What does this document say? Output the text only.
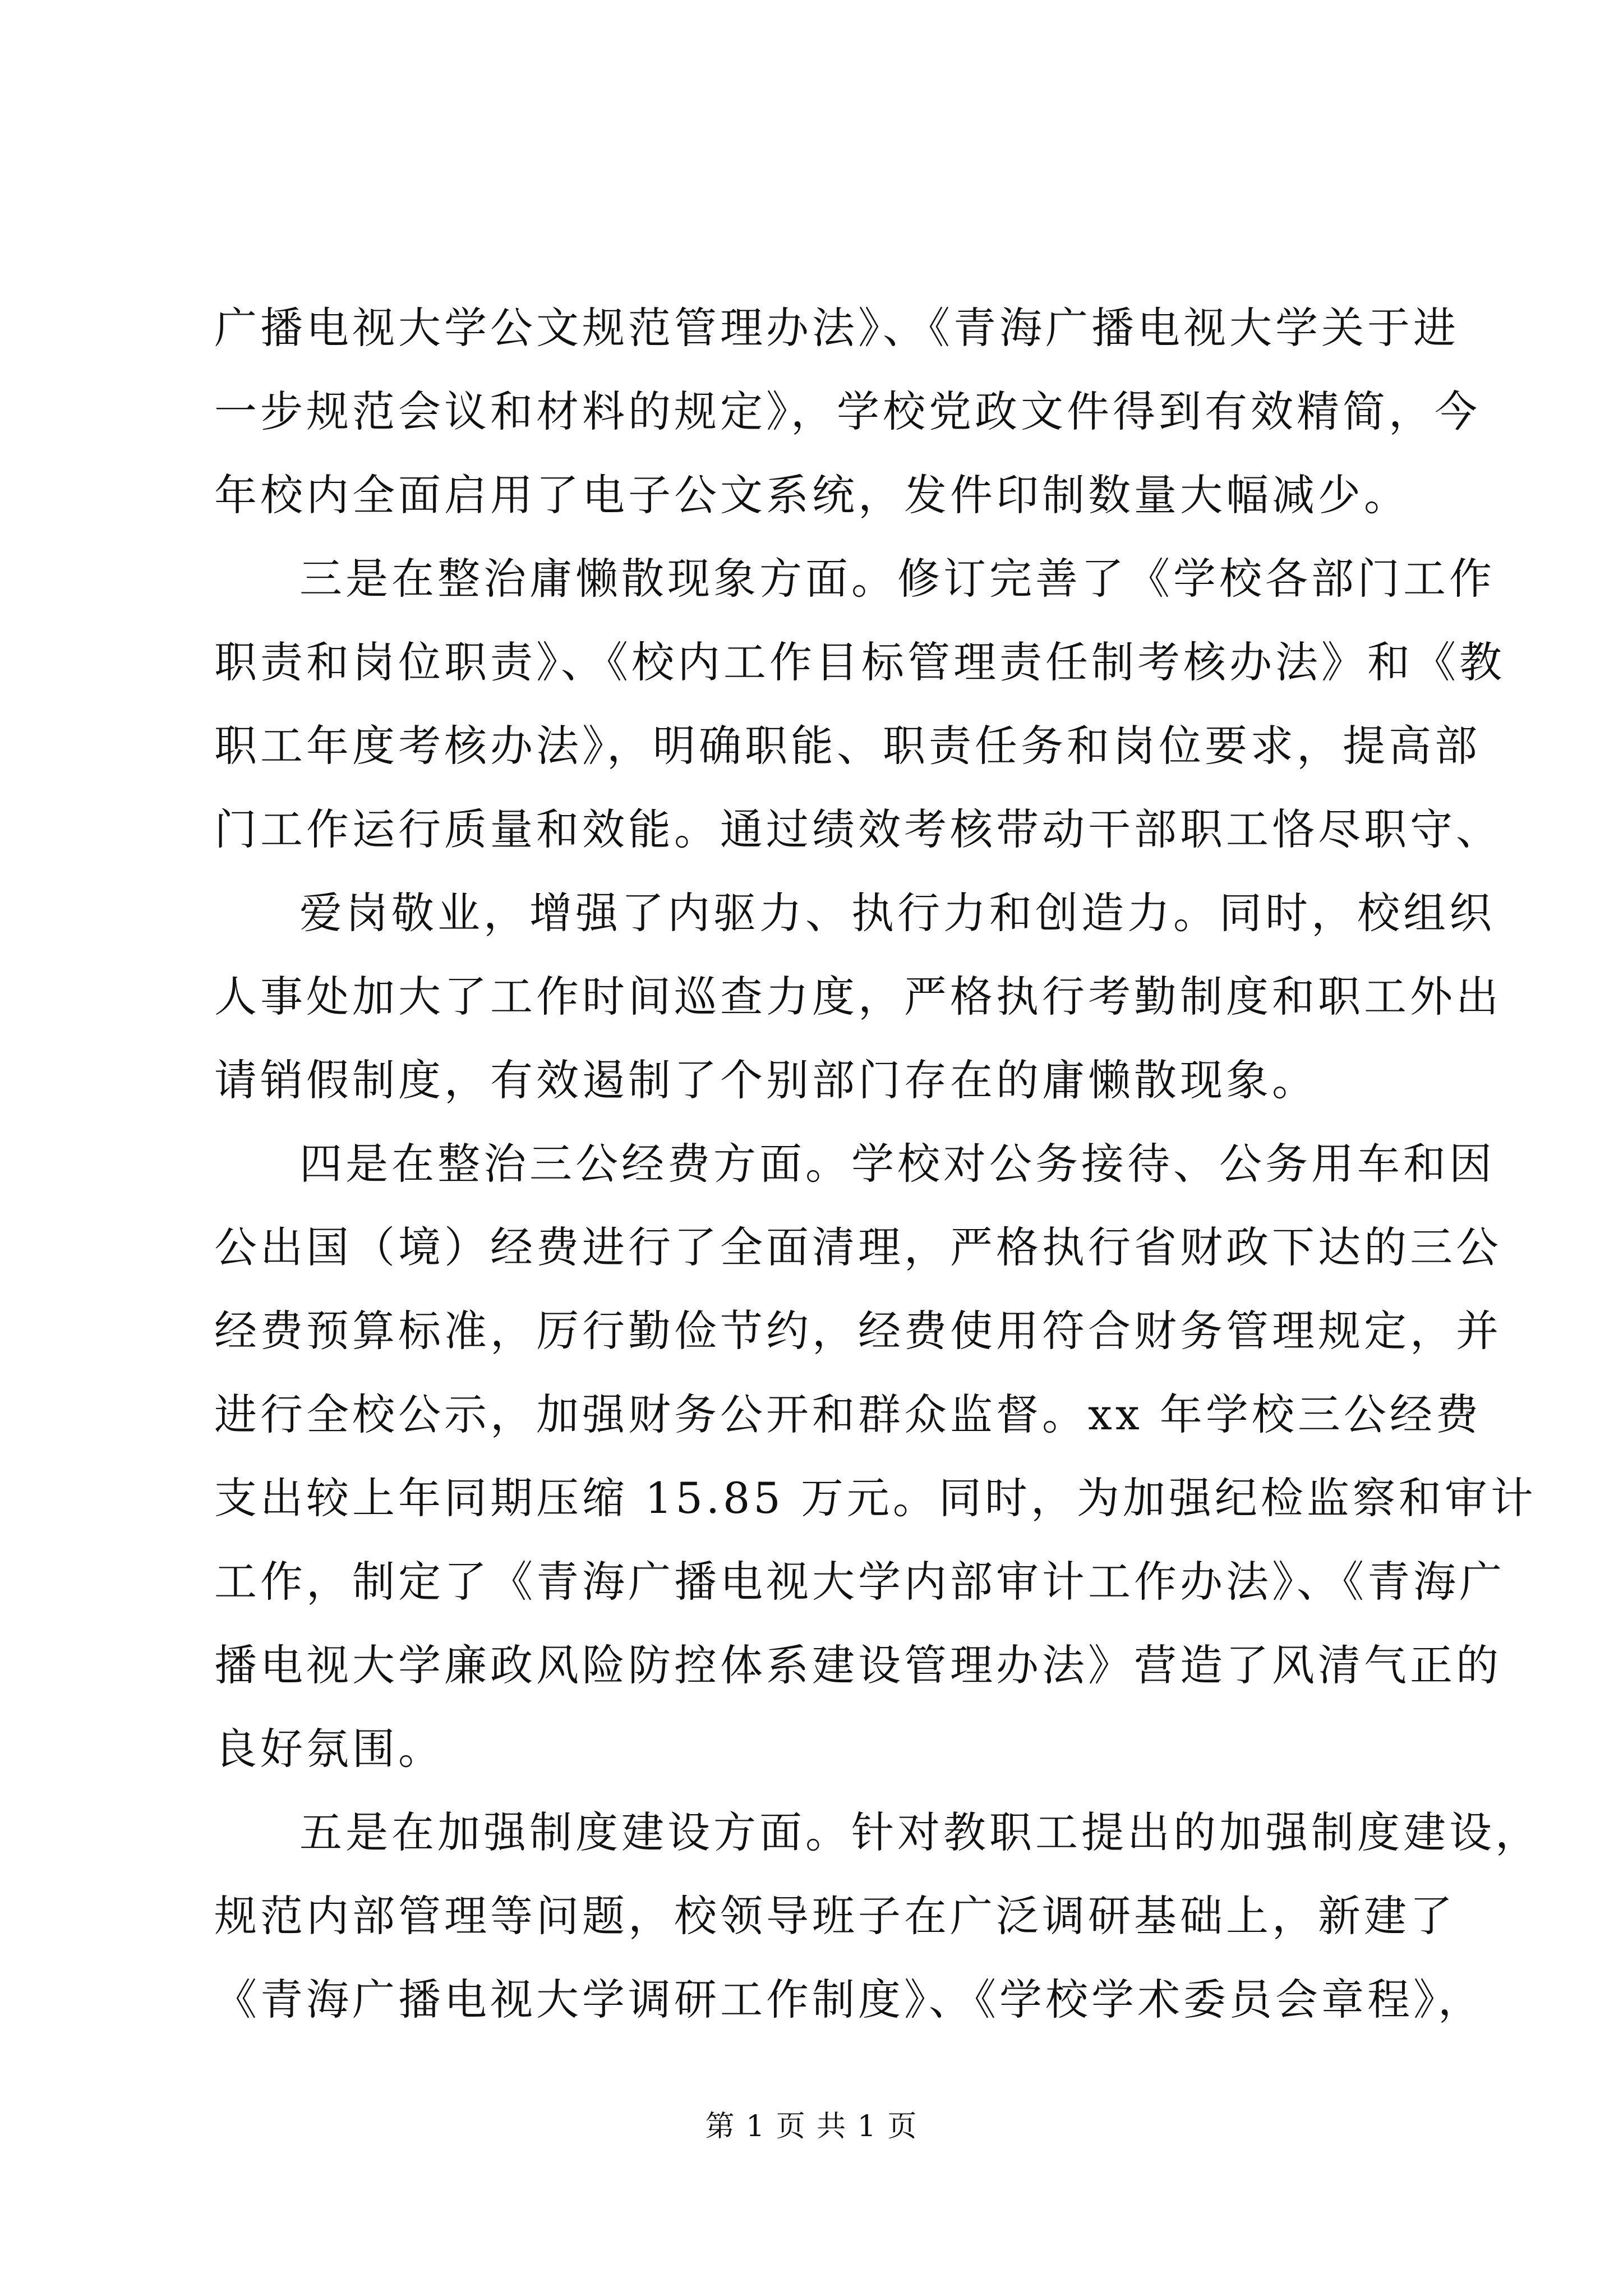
广播电视大学公文规范管理办法》、《青海广播电视大学关于进
一步规范会议和材料的规定》，学校党政文件得到有效精简，今
年校内全面启用了电子公文系统，发件印制数量大幅减少。
三是在整治庸懒散现象方面。修订完善了《学校各部门工作
职责和岗位职责》、《校内工作目标管理责任制考核办法》和《教
职工年度考核办法》，明确职能、职责任务和岗位要求，提高部
门工作运行质量和效能。通过绩效考核带动干部职工恪尽职守、
爱岗敬业，增强了内驱力、执行力和创造力。同时，校组织
人事处加大了工作时间巡查力度，严格执行考勤制度和职工外出
请销假制度，有效遏制了个别部门存在的庸懒散现象。
四是在整治三公经费方面。学校对公务接待、公务用车和因
公出国（境）经费进行了全面清理，严格执行省财政下达的三公
经费预算标准，厉行勤俭节约，经费使用符合财务管理规定，并
进行全校公示，加强财务公开和群众监督。xx 年学校三公经费
支出较上年同期压缩 15.85 万元。同时，为加强纪检监察和审计
工作，制定了《青海广播电视大学内部审计工作办法》、《青海广
播电视大学廉政风险防控体系建设管理办法》营造了风清气正的
良好氛围。
五是在加强制度建设方面。针对教职工提出的加强制度建设，
规范内部管理等问题，校领导班子在广泛调研基础上，新建了
《青海广播电视大学调研工作制度》、《学校学术委员会章程》，
第 1 页 共 1 页
